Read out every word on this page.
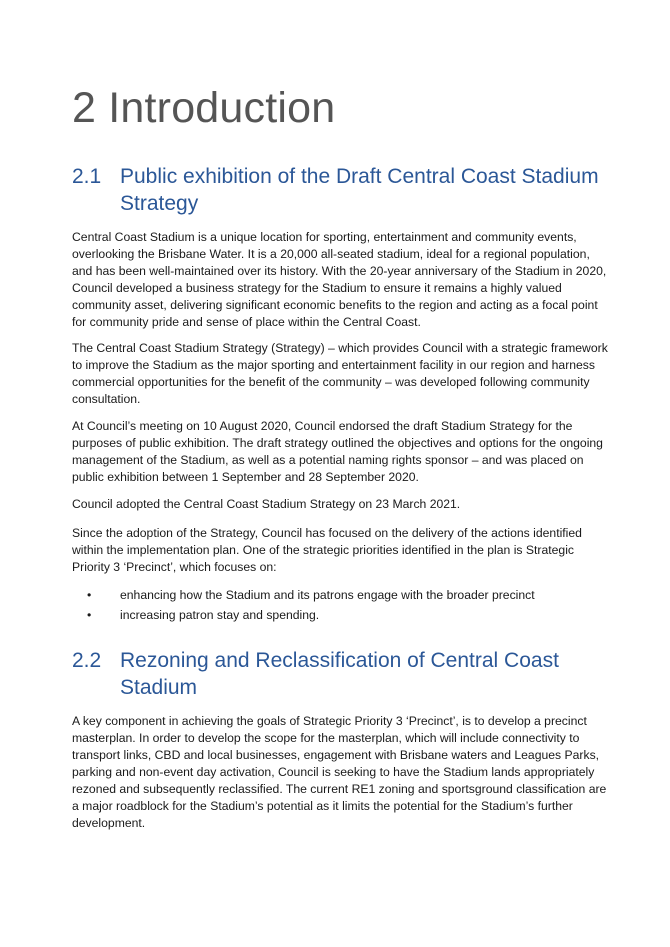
2 Introduction
2.1 Public exhibition of the Draft Central Coast Stadium Strategy

Central Coast Stadium is a unique location for sporting, entertainment and community events, overlooking the Brisbane Water. It is a 20,000 all-seated stadium, ideal for a regional population, and has been well-maintained over its history. With the 20-year anniversary of the Stadium in 2020, Council developed a business strategy for the Stadium to ensure it remains a highly valued community asset, delivering significant economic benefits to the region and acting as a focal point for community pride and sense of place within the Central Coast.

The Central Coast Stadium Strategy (Strategy) – which provides Council with a strategic framework to improve the Stadium as the major sporting and entertainment facility in our region and harness commercial opportunities for the benefit of the community – was developed following community consultation.

At Council’s meeting on 10 August 2020, Council endorsed the draft Stadium Strategy for the purposes of public exhibition. The draft strategy outlined the objectives and options for the ongoing management of the Stadium, as well as a potential naming rights sponsor – and was placed on public exhibition between 1 September and 28 September 2020.

Council adopted the Central Coast Stadium Strategy on 23 March 2021.

Since the adoption of the Strategy, Council has focused on the delivery of the actions identified within the implementation plan. One of the strategic priorities identified in the plan is Strategic Priority 3 ‘Precinct’, which focuses on:

• enhancing how the Stadium and its patrons engage with the broader precinct
• increasing patron stay and spending.
2.2 Rezoning and Reclassification of Central Coast Stadium

A key component in achieving the goals of Strategic Priority 3 ‘Precinct’, is to develop a precinct masterplan. In order to develop the scope for the masterplan, which will include connectivity to transport links, CBD and local businesses, engagement with Brisbane waters and Leagues Parks, parking and non-event day activation, Council is seeking to have the Stadium lands appropriately rezoned and subsequently reclassified. The current RE1 zoning and sportsground classification are a major roadblock for the Stadium’s potential as it limits the potential for the Stadium’s further development.
